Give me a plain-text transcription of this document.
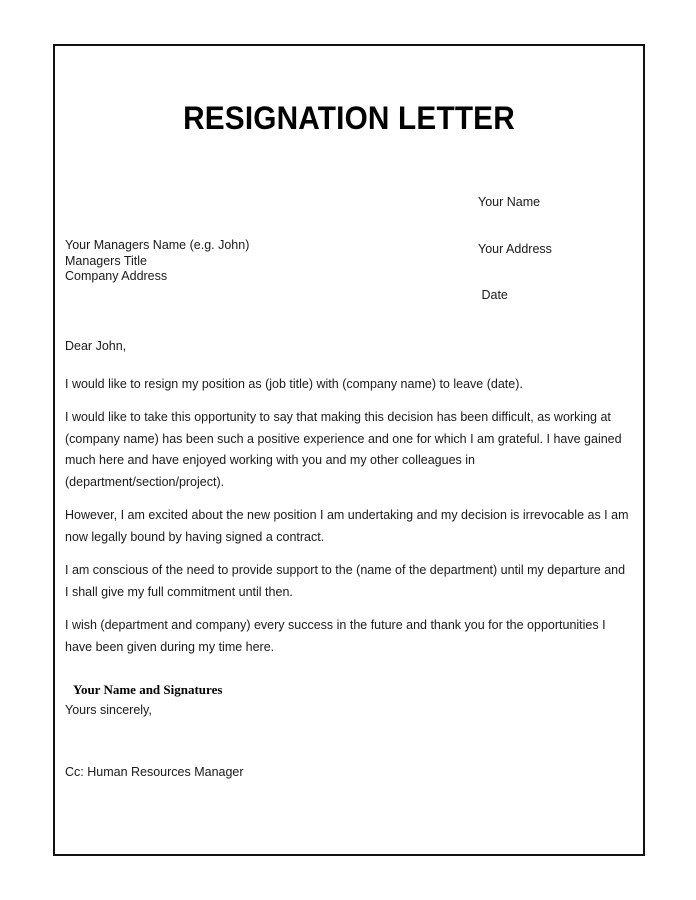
RESIGNATION LETTER

Your Name

Your Address

Date

Your Managers Name (e.g. John)
Managers Title
Company Address

Dear John,

I would like to resign my position as (job title) with (company name) to leave (date).

I would like to take this opportunity to say that making this decision has been difficult, as working at (company name) has been such a positive experience and one for which I am grateful. I have gained much here and have enjoyed working with you and my other colleagues in (department/section/project).

However, I am excited about the new position I am undertaking and my decision is irrevocable as I am now legally bound by having signed a contract.

I am conscious of the need to provide support to the (name of the department) until my departure and I shall give my full commitment until then.

I wish (department and company) every success in the future and thank you for the opportunities I have been given during my time here.

Yours sincerely,

Your Name and Signatures
Cc: Human Resources Manager
